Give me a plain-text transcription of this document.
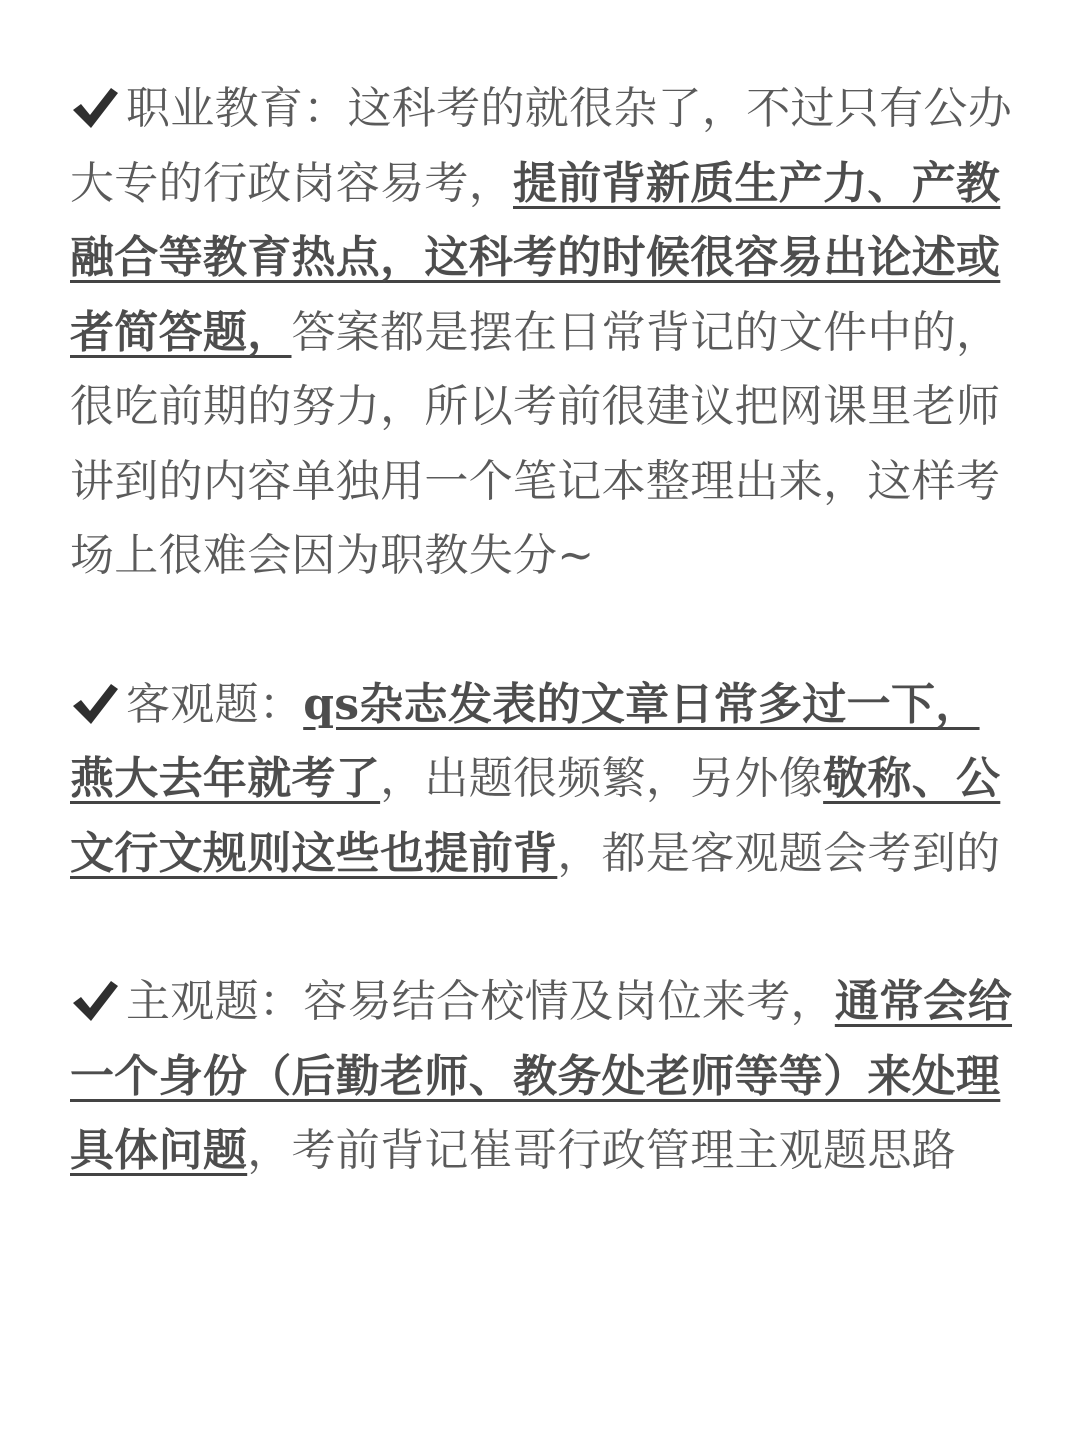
职业教育：这科考的就很杂了，不过只有公办大专的行政岗容易考，提前背新质生产力、产教融合等教育热点，这科考的时候很容易出论述或者简答题，答案都是摆在日常背记的文件中的，很吃前期的努力，所以考前很建议把网课里老师讲到的内容单独用一个笔记本整理出来，这样考场上很难会因为职教失分~

客观题：qs杂志发表的文章日常多过一下，燕大去年就考了，出题很频繁，另外像敬称、公文行文规则这些也提前背，都是客观题会考到的

主观题：容易结合校情及岗位来考，通常会给一个身份（后勤老师、教务处老师等等）来处理具体问题，考前背记崔哥行政管理主观题思路
